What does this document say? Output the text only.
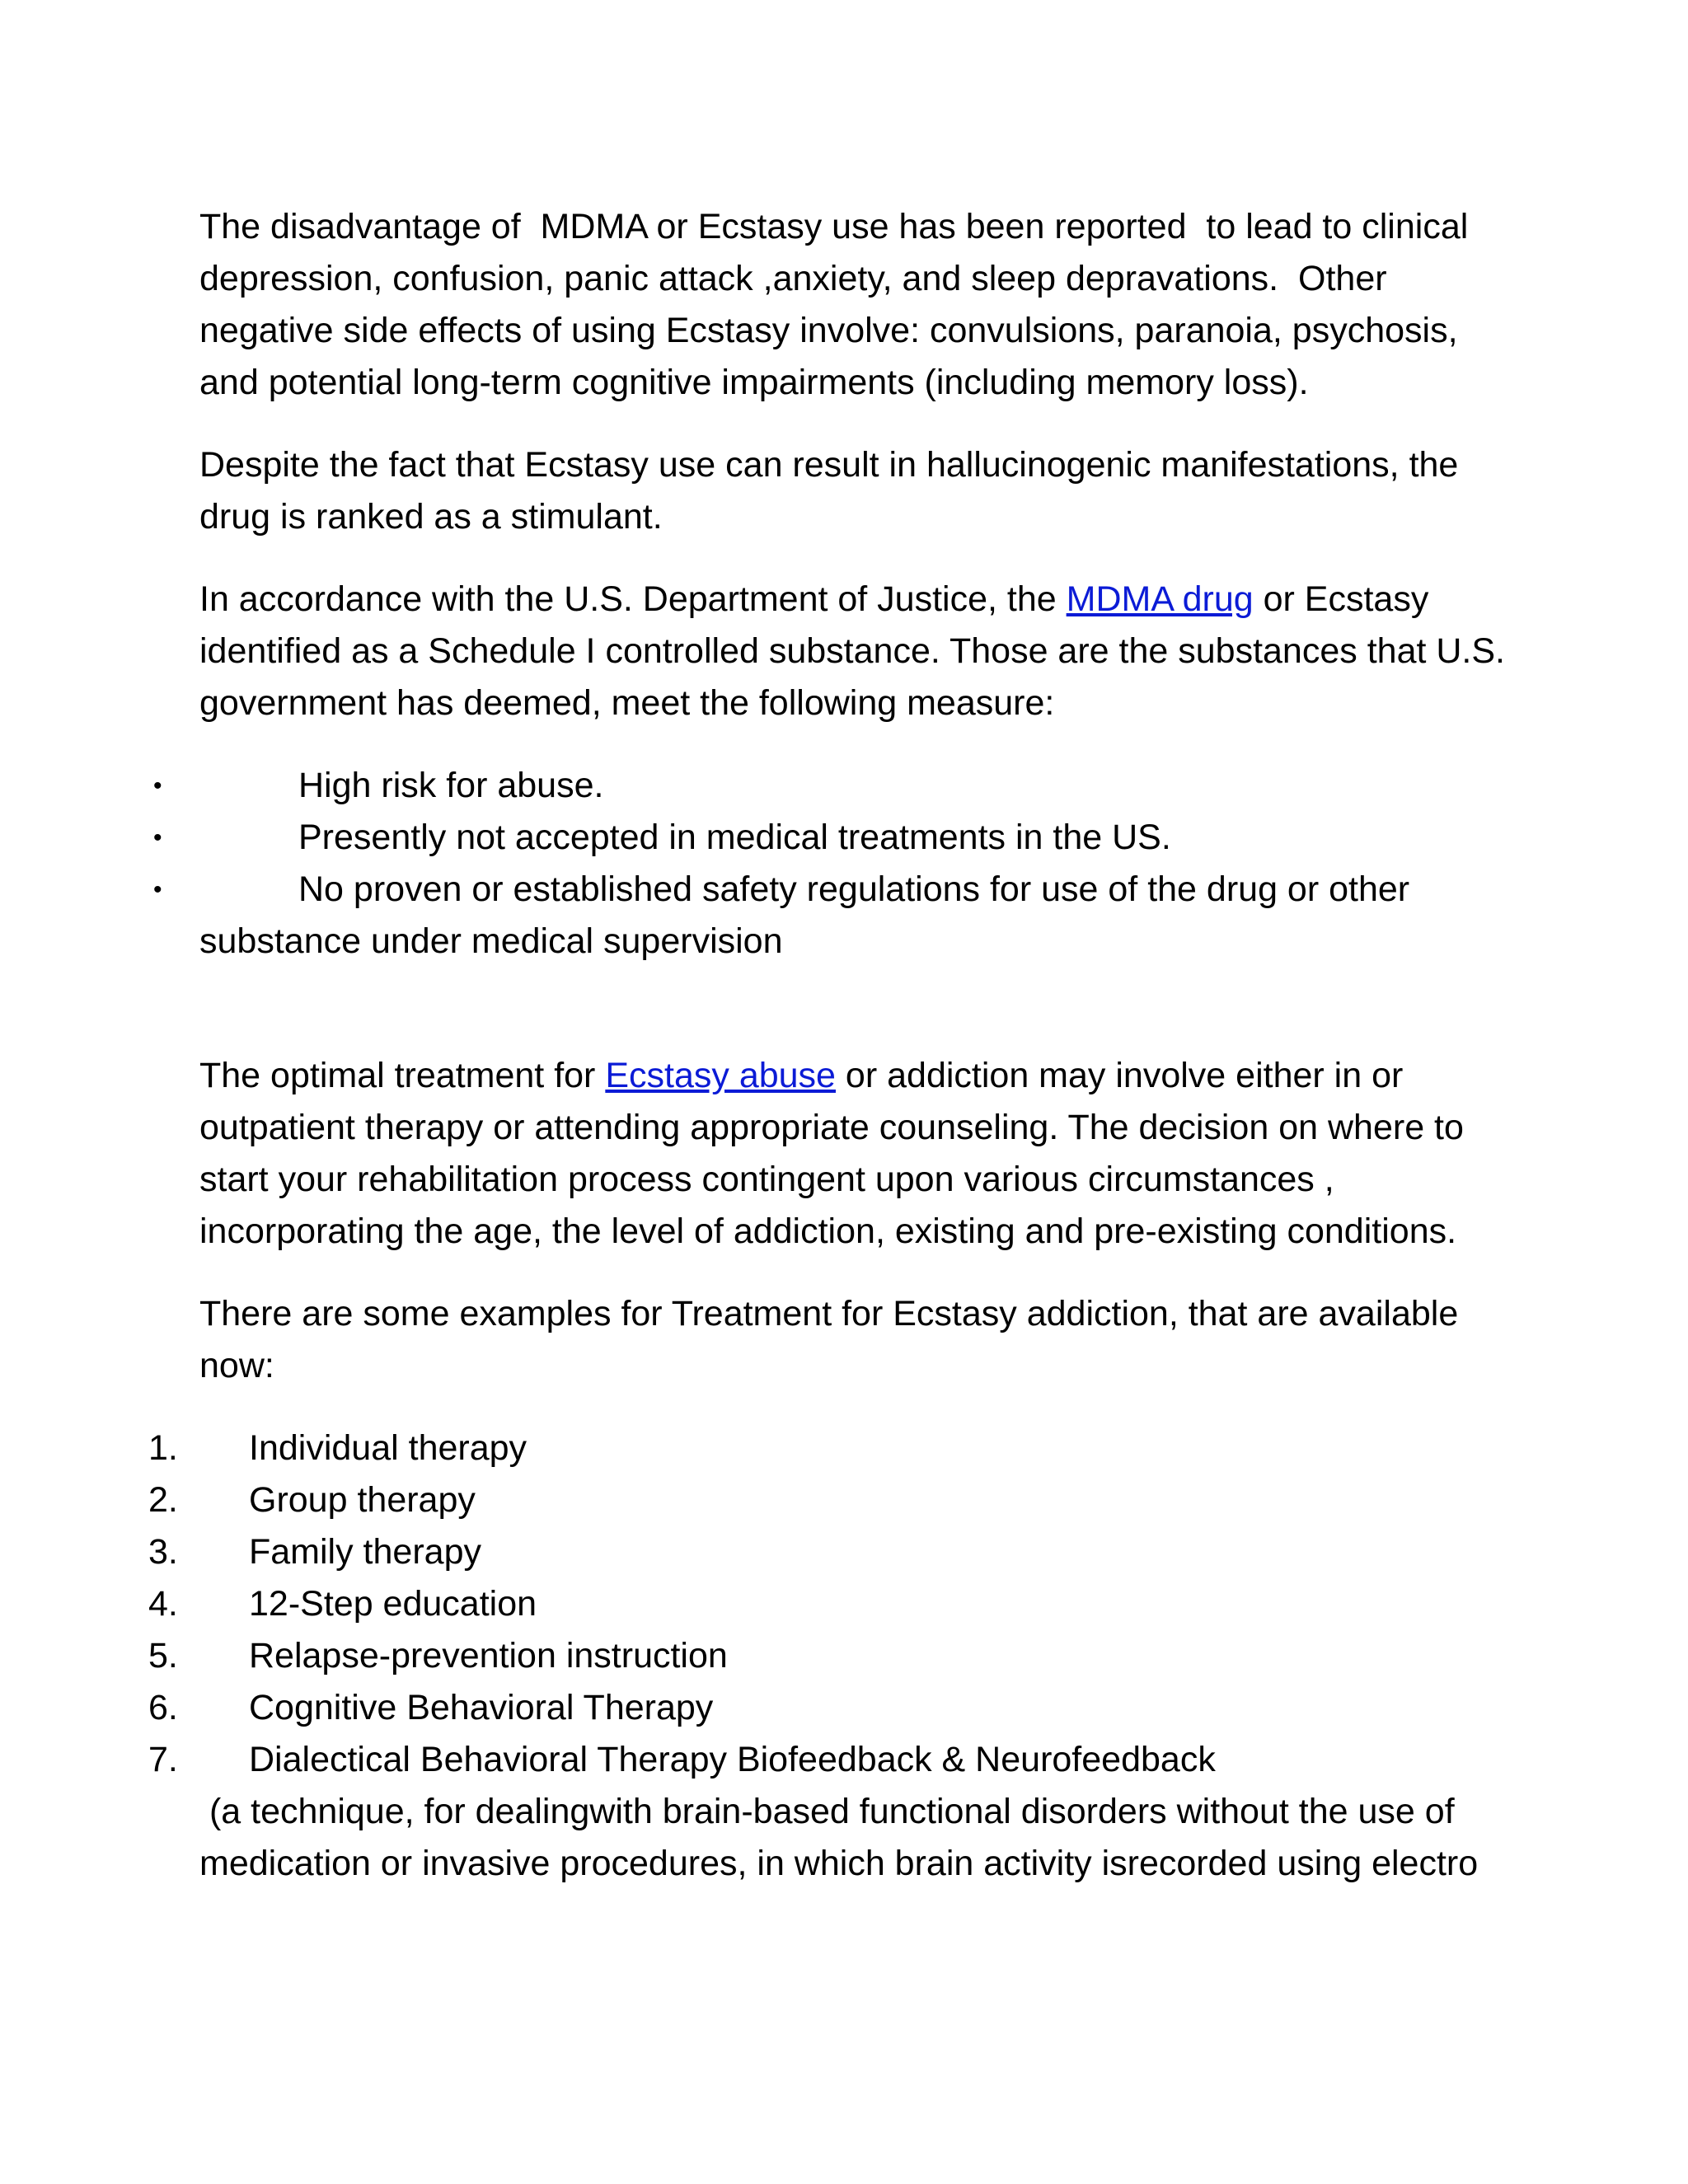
The disadvantage of  MDMA or Ecstasy use has been reported  to lead to clinical
depression, confusion, panic attack ,anxiety, and sleep depravations.  Other
negative side effects of using Ecstasy involve: convulsions, paranoia, psychosis,
and potential long-term cognitive impairments (including memory loss).
Despite the fact that Ecstasy use can result in hallucinogenic manifestations, the
drug is ranked as a stimulant.
In accordance with the U.S. Department of Justice, the MDMA drug or Ecstasy
identified as a Schedule I controlled substance. Those are the substances that U.S.
government has deemed, meet the following measure:
•	High risk for abuse.
•	Presently not accepted in medical treatments in the US.
•	No proven or established safety regulations for use of the drug or other
substance under medical supervision
The optimal treatment for Ecstasy abuse or addiction may involve either in or
outpatient therapy or attending appropriate counseling. The decision on where to
start your rehabilitation process contingent upon various circumstances ,
incorporating the age, the level of addiction, existing and pre-existing conditions.
There are some examples for Treatment for Ecstasy addiction, that are available
now:
1. Individual therapy
2. Group therapy
3. Family therapy
4. 12-Step education
5. Relapse-prevention instruction
6. Cognitive Behavioral Therapy
7. Dialectical Behavioral Therapy Biofeedback & Neurofeedback
(a technique, for dealingwith brain-based functional disorders without the use of
medication or invasive procedures, in which brain activity isrecorded using electro
